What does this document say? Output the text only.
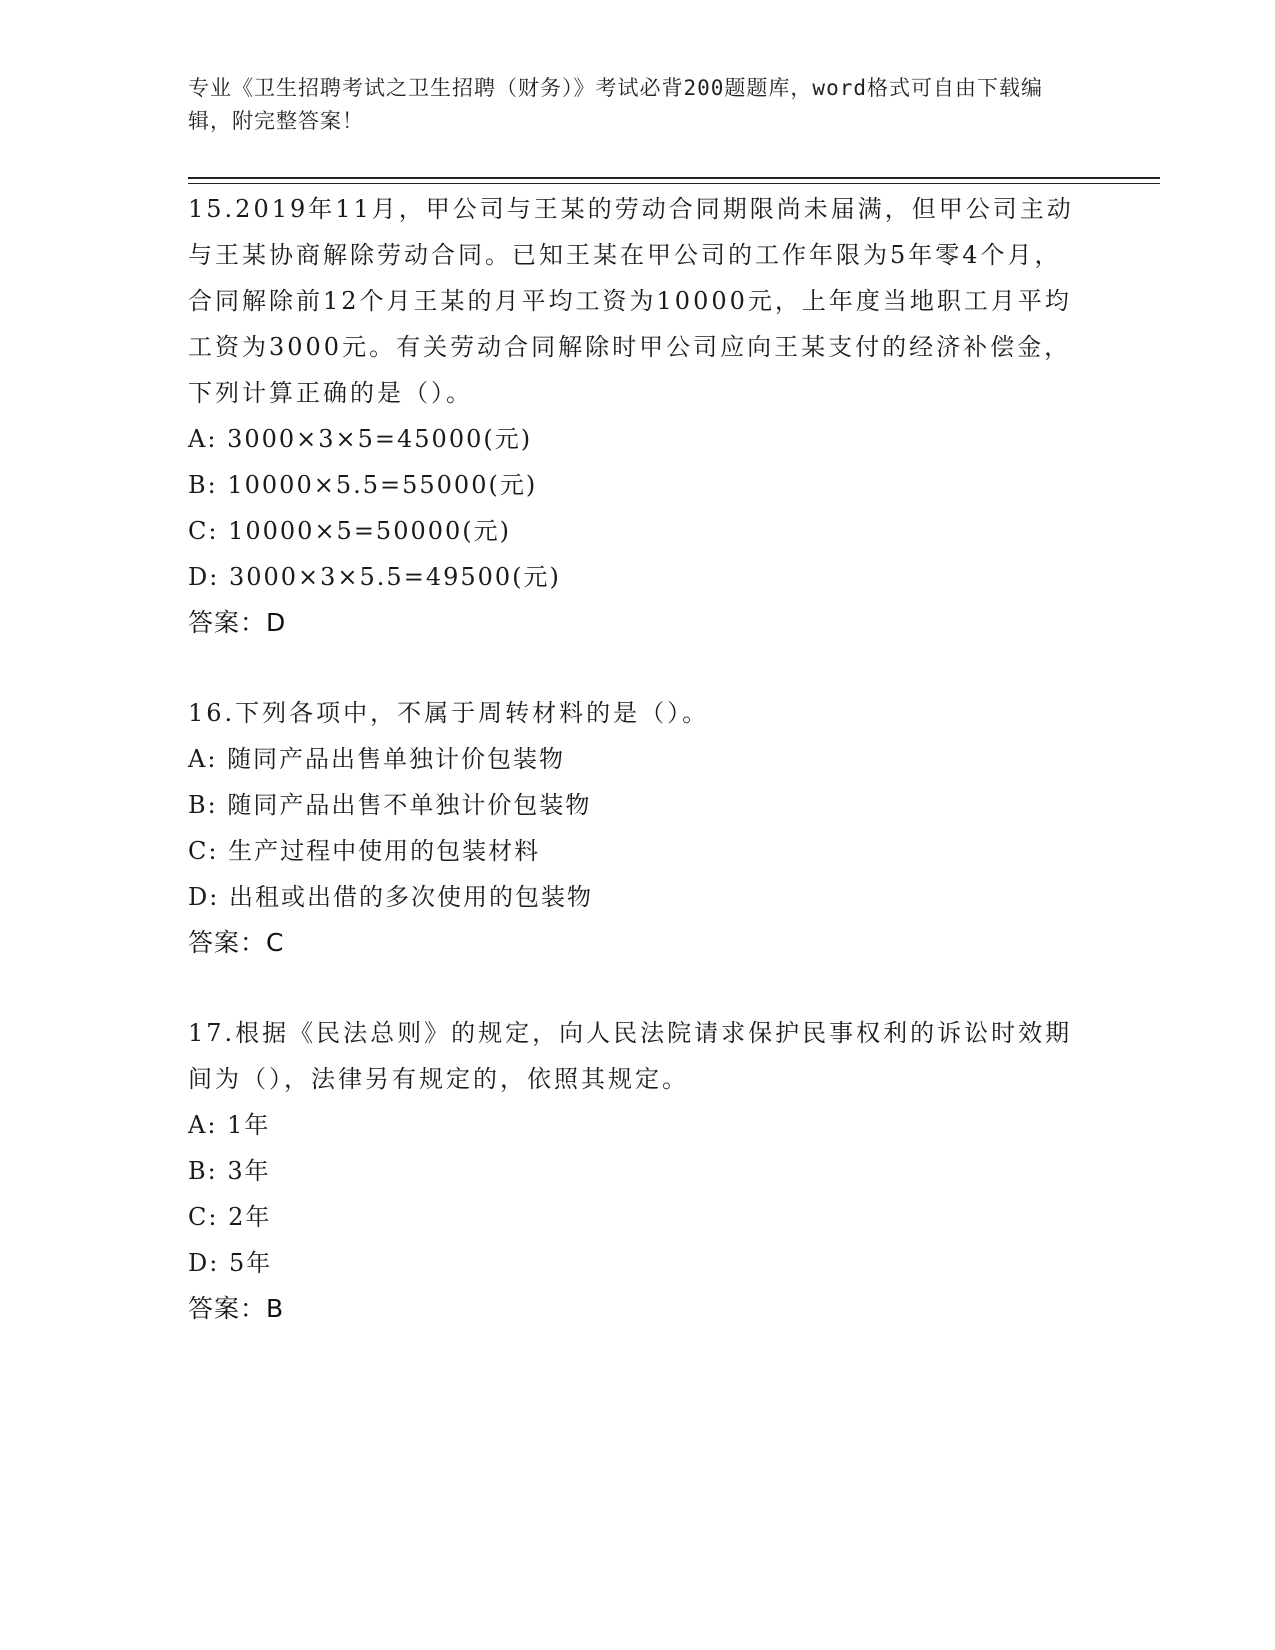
专业《卫生招聘考试之卫生招聘（财务）》考试必背200题题库，word格式可自由下载编辑，附完整答案！

15.2019年11月，甲公司与王某的劳动合同期限尚未届满，但甲公司主动与王某协商解除劳动合同。已知王某在甲公司的工作年限为5年零4个月，合同解除前12个月王某的月平均工资为10000元，上年度当地职工月平均工资为3000元。有关劳动合同解除时甲公司应向王某支付的经济补偿金，下列计算正确的是（）。

A: 3000×3×5=45000(元)

B: 10000×5.5=55000(元)

C: 10000×5=50000(元)

D: 3000×3×5.5=49500(元)

答案：D

16.下列各项中，不属于周转材料的是（）。

A: 随同产品出售单独计价包装物

B: 随同产品出售不单独计价包装物

C: 生产过程中使用的包装材料

D: 出租或出借的多次使用的包装物

答案：C

17.根据《民法总则》的规定，向人民法院请求保护民事权利的诉讼时效期间为（），法律另有规定的，依照其规定。

A: 1年

B: 3年

C: 2年

D: 5年

答案：B
